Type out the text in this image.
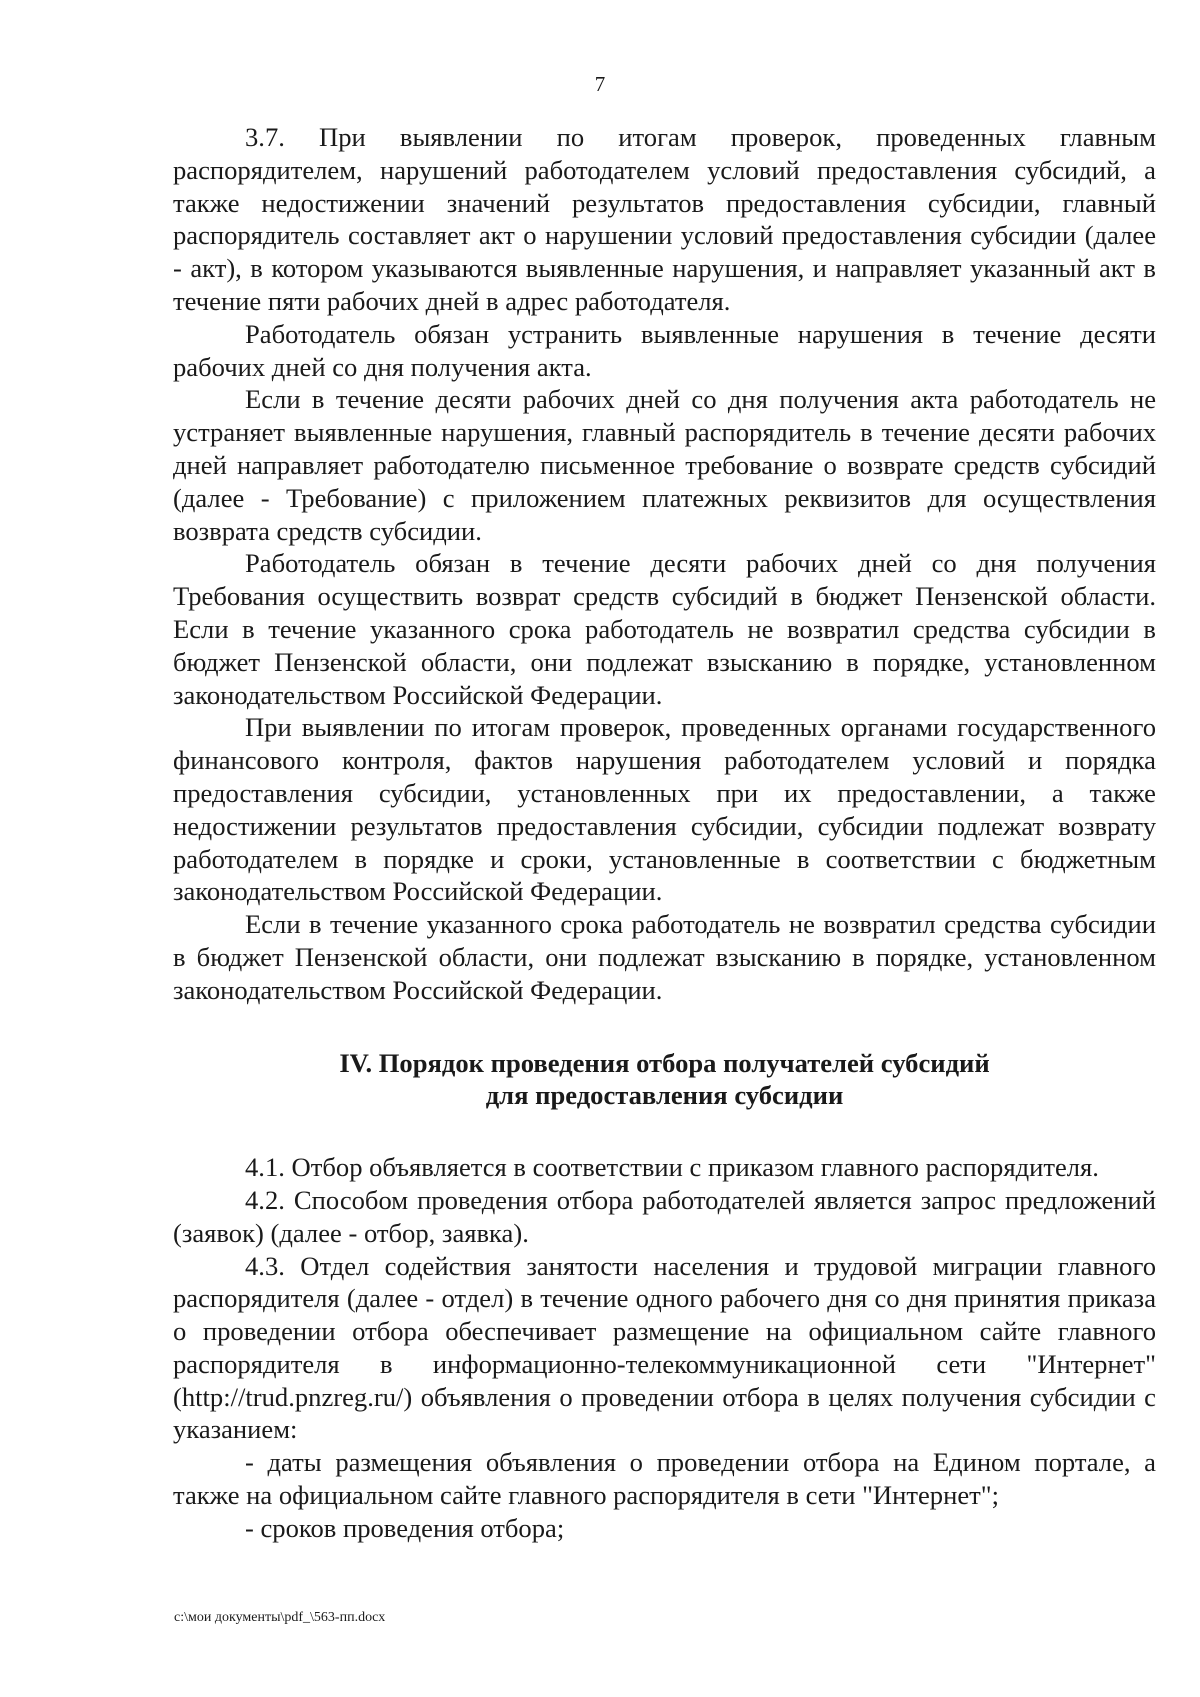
7

3.7. При выявлении по итогам проверок, проведенных главным распорядителем, нарушений работодателем условий предоставления субсидий, а также недостижении значений результатов предоставления субсидии, главный распорядитель составляет акт о нарушении условий предоставления субсидии (далее - акт), в котором указываются выявленные нарушения, и направляет указанный акт в течение пяти рабочих дней в адрес работодателя.

Работодатель обязан устранить выявленные нарушения в течение десяти рабочих дней со дня получения акта.

Если в течение десяти рабочих дней со дня получения акта работодатель не устраняет выявленные нарушения, главный распорядитель в течение десяти рабочих дней направляет работодателю письменное требование о возврате средств субсидий (далее - Требование) с приложением платежных реквизитов для осуществления возврата средств субсидии.

Работодатель обязан в течение десяти рабочих дней со дня получения Требования осуществить возврат средств субсидий в бюджет Пензенской области. Если в течение указанного срока работодатель не возвратил средства субсидии в бюджет Пензенской области, они подлежат взысканию в порядке, установленном законодательством Российской Федерации.

При выявлении по итогам проверок, проведенных органами государственного финансового контроля, фактов нарушения работодателем условий и порядка предоставления субсидии, установленных при их предоставлении, а также недостижении результатов предоставления субсидии, субсидии подлежат возврату работодателем в порядке и сроки, установленные в соответствии с бюджетным законодательством Российской Федерации.

Если в течение указанного срока работодатель не возвратил средства субсидии в бюджет Пензенской области, они подлежат взысканию в порядке, установленном законодательством Российской Федерации.

IV. Порядок проведения отбора получателей субсидий
для предоставления субсидии

4.1. Отбор объявляется в соответствии с приказом главного распорядителя.

4.2. Способом проведения отбора работодателей является запрос предложений (заявок) (далее - отбор, заявка).

4.3. Отдел содействия занятости населения и трудовой миграции главного распорядителя (далее - отдел) в течение одного рабочего дня со дня принятия приказа о проведении отбора обеспечивает размещение на официальном сайте главного распорядителя в информационно-телекоммуникационной сети "Интернет" (http://trud.pnzreg.ru/) объявления о проведении отбора в целях получения субсидии с указанием:

- даты размещения объявления о проведении отбора на Едином портале, а также на официальном сайте главного распорядителя в сети "Интернет";

- сроков проведения отбора;

c:\мои документы\pdf_\563-пп.docx
